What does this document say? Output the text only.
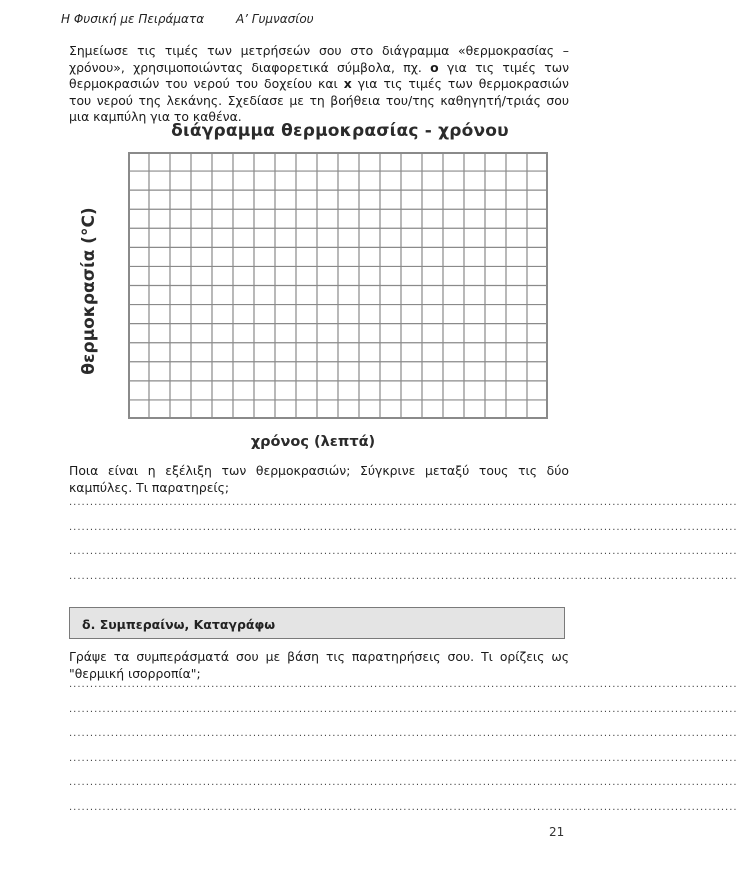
Η Φυσική με Πειράματα	Α’ Γυμνασίου

Σημείωσε τις τιμές των μετρήσεών σου στο διάγραμμα «θερμοκρασίας – χρόνου», χρησιμοποιώντας διαφορετικά σύμβολα, πχ. ο για τις τιμές των θερμοκρασιών του νερού του δοχείου και x για τις τιμές των θερμοκρασιών του νερού της λεκάνης. Σχεδίασε με τη βοήθεια του/της καθηγητή/τριάς σου μια καμπύλη για το καθένα.

διάγραμμα θερμοκρασίας - χρόνου
θερμοκρασία (°C)
χρόνος (λεπτά)

Ποια είναι η εξέλιξη των θερμοκρασιών; Σύγκρινε μεταξύ τους τις δύο καμπύλες. Τι παρατηρείς;

................................................................................................................................................................
................................................................................................................................................................
................................................................................................................................................................
................................................................................................................................................................
δ. Συμπεραίνω, Καταγράφω

Γράψε τα συμπεράσματά σου με βάση τις παρατηρήσεις σου. Τι ορίζεις ως "θερμική ισορροπία";

................................................................................................................................................................
................................................................................................................................................................
................................................................................................................................................................
................................................................................................................................................................
................................................................................................................................................................
................................................................................................................................................................
21
